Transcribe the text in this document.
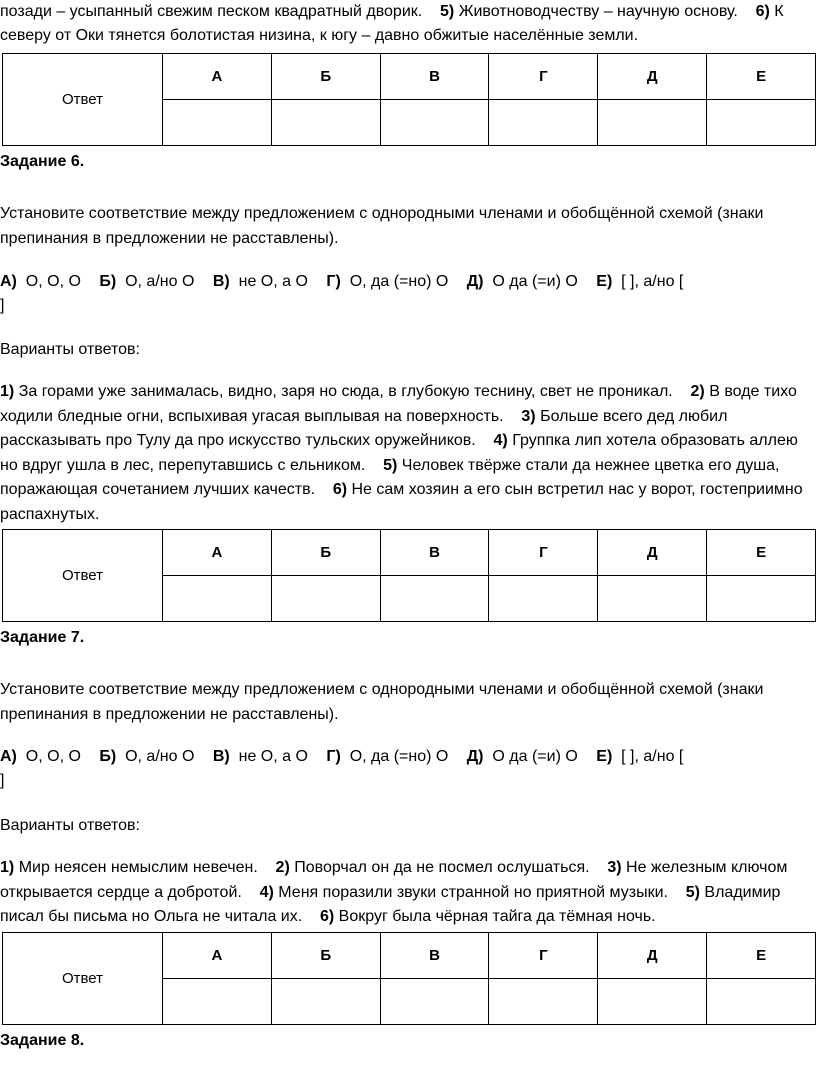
позади – усыпанный свежим песком квадратный дворик. 5) Животноводчеству – научную основу. 6) К
северу от Оки тянется болотистая низина, к югу – давно обжитые населённые земли.
Ответ	А	Б	В	Г	Д	Е

Задание 6.
Установите соответствие между предложением с однородными членами и обобщённой схемой (знаки препинания в предложении не расставлены).
А) О, О, О Б) О, а/но О В) не О, а О Г) О, да (=но) О Д) О да (=и) О Е) [ ], а/но [
]
Варианты ответов:
1) За горами уже занималась, видно, заря но сюда, в глубокую теснину, свет не проникал. 2) В воде тихо ходили бледные огни, вспыхивая угасая выплывая на поверхность. 3) Больше всего дед любил рассказывать про Тулу да про искусство тульских оружейников. 4) Группка лип хотела образовать аллею но вдруг ушла в лес, перепутавшись с ельником. 5) Человек твёрже стали да нежнее цветка его душа, поражающая сочетанием лучших качеств. 6) Не сам хозяин а его сын встретил нас у ворот, гостеприимно распахнутых.
Ответ	А	Б	В	Г	Д	Е

Задание 7.
Установите соответствие между предложением с однородными членами и обобщённой схемой (знаки препинания в предложении не расставлены).
А) О, О, О Б) О, а/но О В) не О, а О Г) О, да (=но) О Д) О да (=и) О Е) [ ], а/но [
]
Варианты ответов:
1) Мир неясен немыслим невечен. 2) Поворчал он да не посмел ослушаться. 3) Не железным ключом открывается сердце а добротой. 4) Меня поразили звуки странной но приятной музыки. 5) Владимир писал бы письма но Ольга не читала их. 6) Вокруг была чёрная тайга да тёмная ночь.
Ответ	А	Б	В	Г	Д	Е

Задание 8.
